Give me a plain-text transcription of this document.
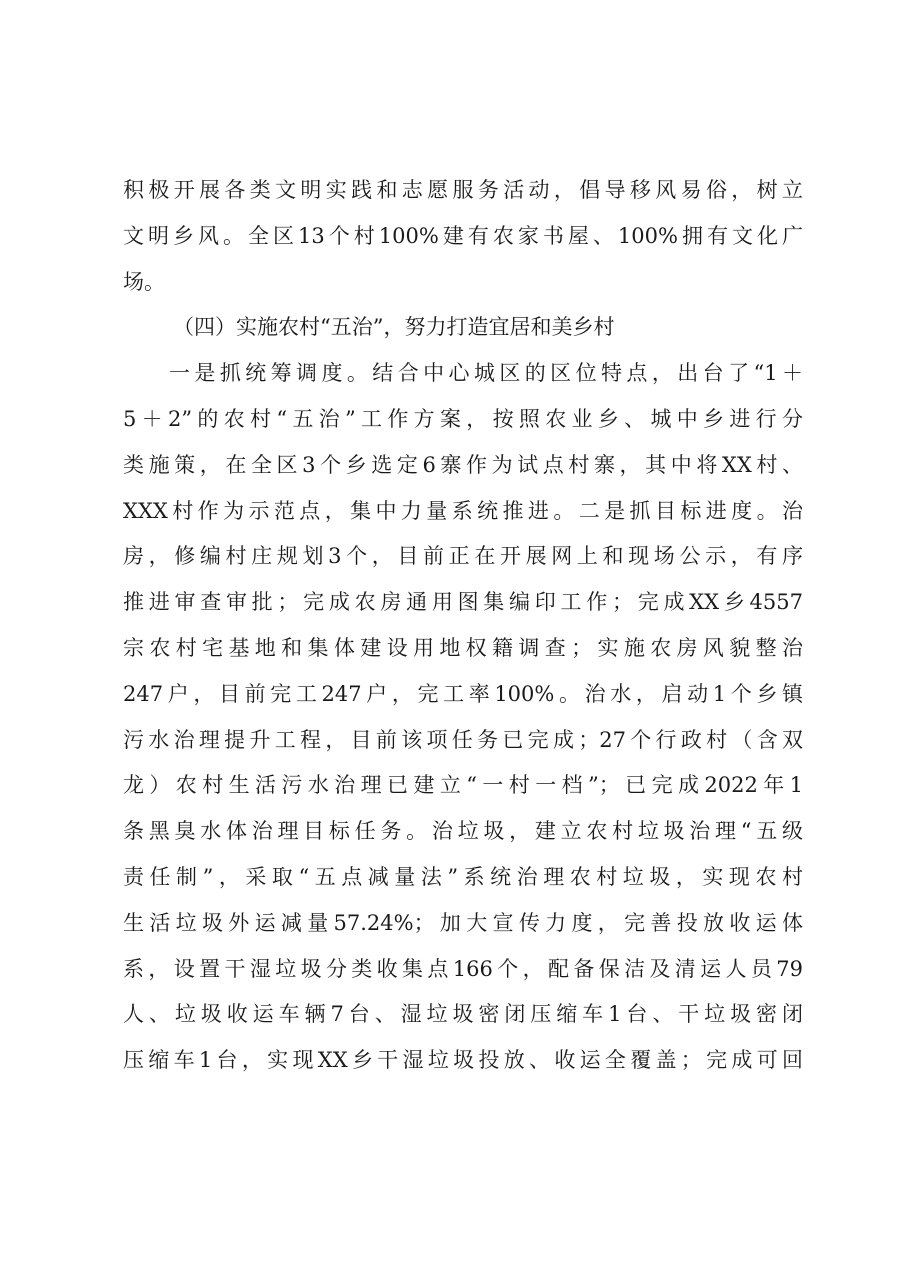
积极开展各类文明实践和志愿服务活动，倡导移风易俗，树立
文明乡风。全区13个村100%建有农家书屋、100%拥有文化广
场。
（四）实施农村“五治”，努力打造宜居和美乡村
一是抓统筹调度。结合中心城区的区位特点，出台了“1＋
5＋2”的农村“五治”工作方案，按照农业乡、城中乡进行分
类施策，在全区3个乡选定6寨作为试点村寨，其中将XX村、
XXX村作为示范点，集中力量系统推进。二是抓目标进度。治
房，修编村庄规划3个，目前正在开展网上和现场公示，有序
推进审查审批；完成农房通用图集编印工作；完成XX乡4557
宗农村宅基地和集体建设用地权籍调查；实施农房风貌整治
247户，目前完工247户，完工率100%。治水，启动1个乡镇
污水治理提升工程，目前该项任务已完成；27个行政村（含双
龙）农村生活污水治理已建立“一村一档”；已完成2022年1
条黑臭水体治理目标任务。治垃圾，建立农村垃圾治理“五级
责任制”，采取“五点减量法”系统治理农村垃圾，实现农村
生活垃圾外运减量57.24%；加大宣传力度，完善投放收运体
系，设置干湿垃圾分类收集点166个，配备保洁及清运人员79
人、垃圾收运车辆7台、湿垃圾密闭压缩车1台、干垃圾密闭
压缩车1台，实现XX乡干湿垃圾投放、收运全覆盖；完成可回
